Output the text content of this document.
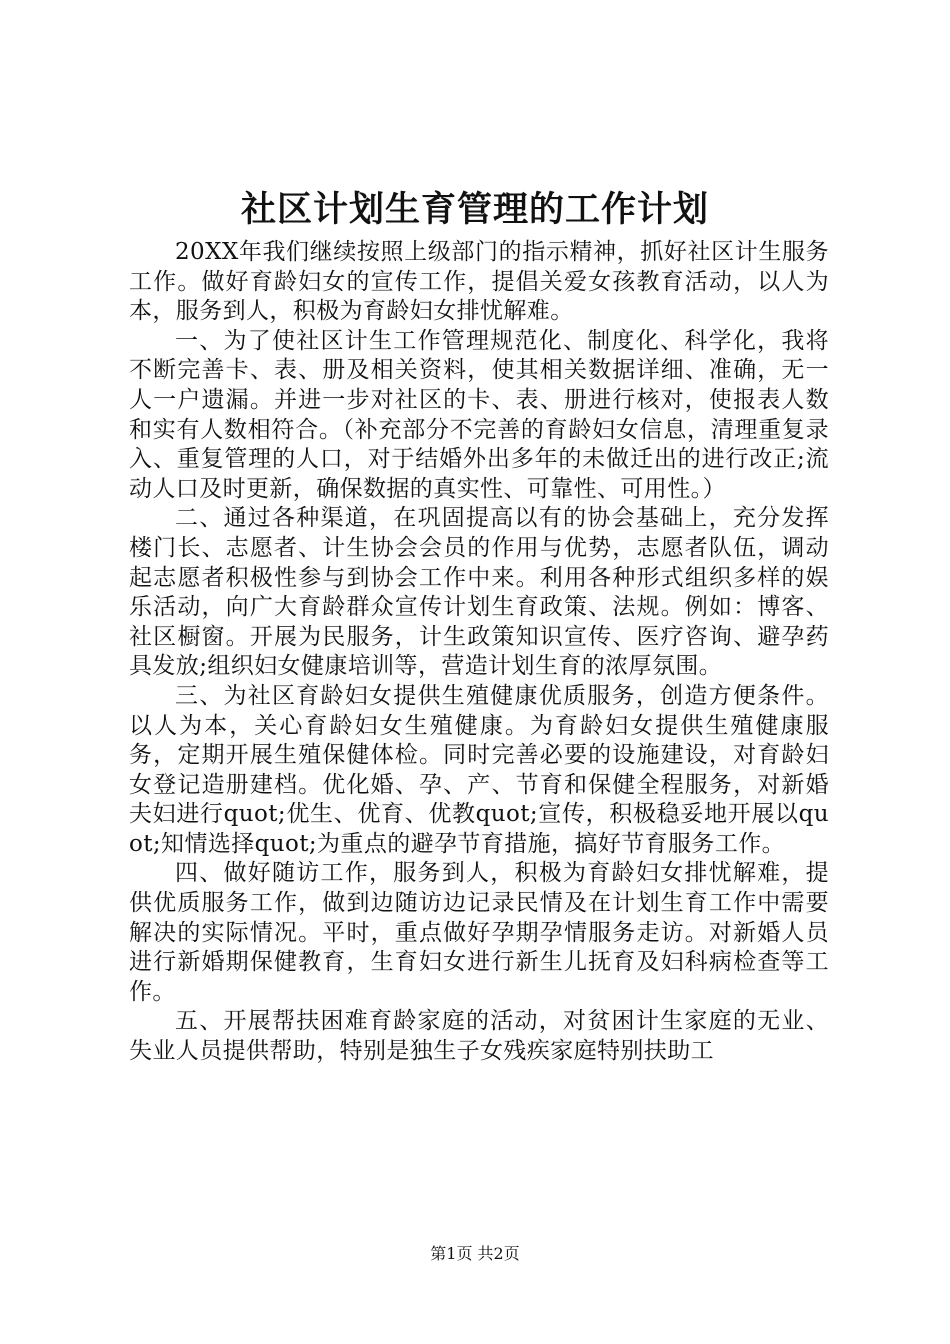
社区计划生育管理的工作计划

20XX年我们继续按照上级部门的指示精神，抓好社区计生服务工作。做好育龄妇女的宣传工作，提倡关爱女孩教育活动，以人为本，服务到人，积极为育龄妇女排忧解难。

一、为了使社区计生工作管理规范化、制度化、科学化，我将不断完善卡、表、册及相关资料，使其相关数据详细、准确，无一人一户遗漏。并进一步对社区的卡、表、册进行核对，使报表人数和实有人数相符合。（补充部分不完善的育龄妇女信息，清理重复录入、重复管理的人口，对于结婚外出多年的未做迁出的进行改正;流动人口及时更新，确保数据的真实性、可靠性、可用性。）

二、通过各种渠道，在巩固提高以有的协会基础上，充分发挥楼门长、志愿者、计生协会会员的作用与优势，志愿者队伍，调动起志愿者积极性参与到协会工作中来。利用各种形式组织多样的娱乐活动，向广大育龄群众宣传计划生育政策、法规。例如：博客、社区橱窗。开展为民服务，计生政策知识宣传、医疗咨询、避孕药具发放;组织妇女健康培训等，营造计划生育的浓厚氛围。

三、为社区育龄妇女提供生殖健康优质服务，创造方便条件。以人为本，关心育龄妇女生殖健康。为育龄妇女提供生殖健康服务，定期开展生殖保健体检。同时完善必要的设施建设，对育龄妇女登记造册建档。优化婚、孕、产、节育和保健全程服务，对新婚夫妇进行quot;优生、优育、优教quot;宣传，积极稳妥地开展以quot;知情选择quot;为重点的避孕节育措施，搞好节育服务工作。

四、做好随访工作，服务到人，积极为育龄妇女排忧解难，提供优质服务工作，做到边随访边记录民情及在计划生育工作中需要解决的实际情况。平时，重点做好孕期孕情服务走访。对新婚人员进行新婚期保健教育，生育妇女进行新生儿抚育及妇科病检查等工作。

五、开展帮扶困难育龄家庭的活动，对贫困计生家庭的无业、失业人员提供帮助，特别是独生子女残疾家庭特别扶助工

第1页 共2页
